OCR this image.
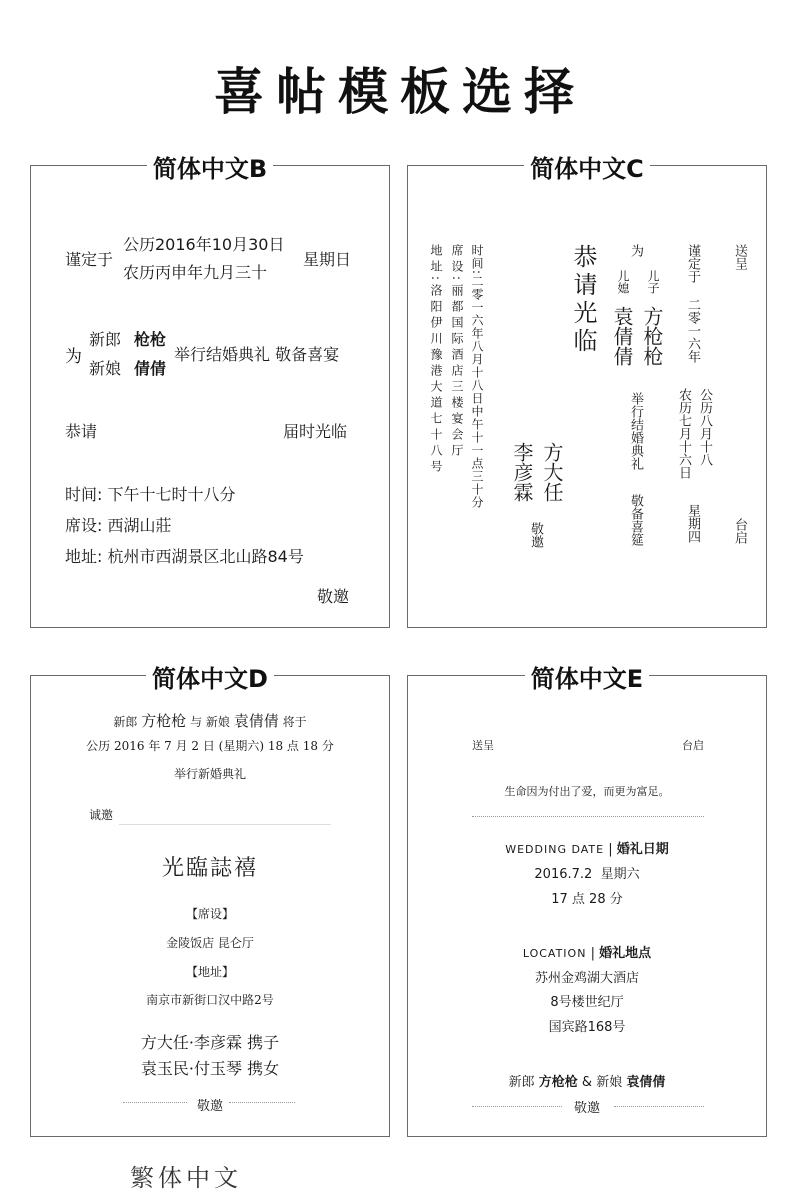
喜帖模板选择
简体中文B
谨定于
公历2016年10月30日
农历丙申年九月三十
星期日
为
新郎 枪枪
新娘 倩倩
举行结婚典礼 敬备喜宴
恭请	届时光临
时间: 下午十七时十八分
席设: 西湖山莊
地址: 杭州市西湖景区北山路84号
敬邀
简体中文C
送呈
台启
谨定于
二零一六年
公历八月十八
农历七月十六日
星期四
为
儿子
方枪枪
儿媳
袁倩倩
举行结婚典礼
敬备喜筵
恭请光临
方大任
李彦霖
敬邀
时间:二零一六年八月十八日中午十一点三十分
席设:丽都国际酒店三楼宴会厅
地址:洛阳伊川豫港大道七十八号
简体中文D
新郎 方枪枪 与 新娘 袁倩倩 将于
公历 2016 年 7 月 2 日 (星期六) 18 点 18 分
举行新婚典礼
诚邀
光臨誌禧
【席设】
金陵饭店 昆仑厅
【地址】
南京市新街口汉中路2号
方大任·李彦霖 携子
袁玉民·付玉琴 携女
敬邀
简体中文E
送呈	台启
生命因为付出了爱，而更为富足。
WEDDING DATE | 婚礼日期
2016.7.2 星期六
17 点 28 分
LOCATION | 婚礼地点
苏州金鸡湖大酒店
8号楼世纪厅
国宾路168号
新郎 方枪枪 & 新娘 袁倩倩
敬邀
繁体中文
